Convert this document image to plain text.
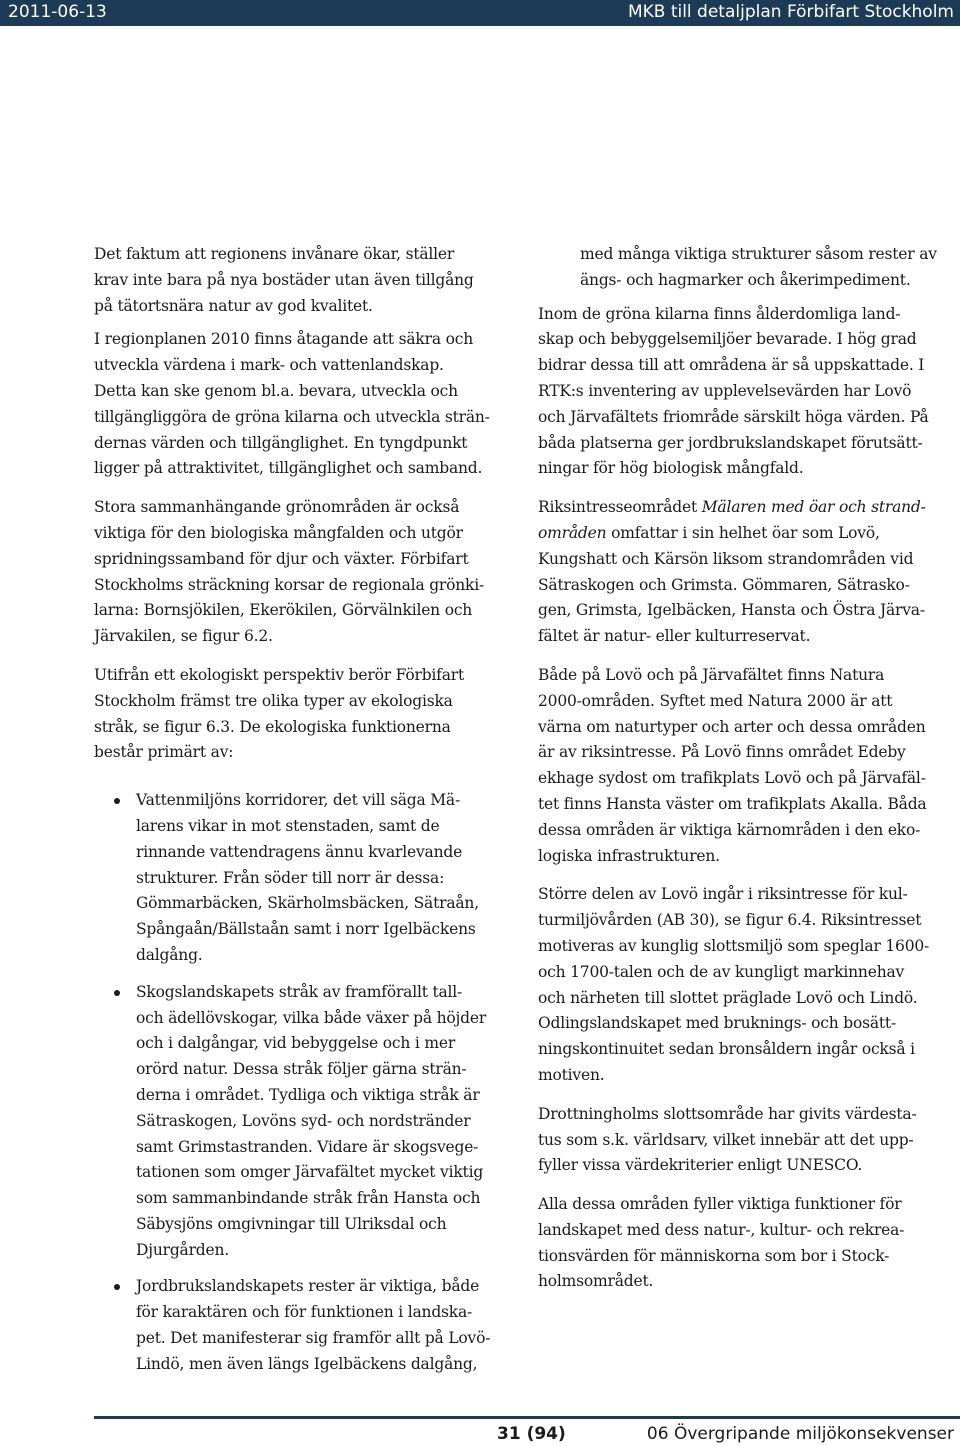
2011-06-13	MKB till detaljplan Förbifart Stockholm

Det faktum att regionens invånare ökar, ställer
krav inte bara på nya bostäder utan även tillgång
på tätortsnära natur av god kvalitet.

I regionplanen 2010 finns åtagande att säkra och
utveckla värdena i mark- och vattenlandskap.
Detta kan ske genom bl.a. bevara, utveckla och
tillgängliggöra de gröna kilarna och utveckla strän-
dernas värden och tillgänglighet. En tyngdpunkt
ligger på attraktivitet, tillgänglighet och samband.

Stora sammanhängande grönområden är också
viktiga för den biologiska mångfalden och utgör
spridningssamband för djur och växter. Förbifart
Stockholms sträckning korsar de regionala grönki-
larna: Bornsjökilen, Ekerökilen, Görvälnkilen och
Järvakilen, se figur 6.2.

Utifrån ett ekologiskt perspektiv berör Förbifart
Stockholm främst tre olika typer av ekologiska
stråk, se figur 6.3. De ekologiska funktionerna
består primärt av:

Vattenmiljöns korridorer, det vill säga Mä-
larens vikar in mot stenstaden, samt de
rinnande vattendragens ännu kvarlevande
strukturer. Från söder till norr är dessa:
Gömmarbäcken, Skärholmsbäcken, Sätraån,
Spångaån/Bällstaån samt i norr Igelbäckens
dalgång.
Skogslandskapets stråk av framförallt tall-
och ädellövskogar, vilka både växer på höjder
och i dalgångar, vid bebyggelse och i mer
orörd natur. Dessa stråk följer gärna strän-
derna i området. Tydliga och viktiga stråk är
Sätraskogen, Lovöns syd- och nordstränder
samt Grimstastranden. Vidare är skogsvege-
tationen som omger Järvafältet mycket viktig
som sammanbindande stråk från Hansta och
Säbysjöns omgivningar till Ulriksdal och
Djurgården.
Jordbrukslandskapets rester är viktiga, både
för karaktären och för funktionen i landska-
pet. Det manifesterar sig framför allt på Lovö-
Lindö, men även längs Igelbäckens dalgång,

med många viktiga strukturer såsom rester av
ängs- och hagmarker och åkerimpediment.

Inom de gröna kilarna finns ålderdomliga land-
skap och bebyggelsemiljöer bevarade. I hög grad
bidrar dessa till att områdena är så uppskattade. I
RTK:s inventering av upplevelsevärden har Lovö
och Järvafältets friområde särskilt höga värden. På
båda platserna ger jordbrukslandskapet förutsätt-
ningar för hög biologisk mångfald.

Riksintresseområdet Mälaren med öar och strand-
områden omfattar i sin helhet öar som Lovö,
Kungshatt och Kärsön liksom strandområden vid
Sätraskogen och Grimsta. Gömmaren, Sätrasko-
gen, Grimsta, Igelbäcken, Hansta och Östra Järva-
fältet är natur- eller kulturreservat.

Både på Lovö och på Järvafältet finns Natura
2000-områden. Syftet med Natura 2000 är att
värna om naturtyper och arter och dessa områden
är av riksintresse. På Lovö finns området Edeby
ekhage sydost om trafikplats Lovö och på Järvafäl-
tet finns Hansta väster om trafikplats Akalla. Båda
dessa områden är viktiga kärnområden i den eko-
logiska infrastrukturen.

Större delen av Lovö ingår i riksintresse för kul-
turmiljövården (AB 30), se figur 6.4. Riksintresset
motiveras av kunglig slottsmiljö som speglar 1600-
och 1700-talen och de av kungligt markinnehav
och närheten till slottet präglade Lovö och Lindö.
Odlingslandskapet med bruknings- och bosätt-
ningskontinuitet sedan bronsåldern ingår också i
motiven.

Drottningholms slottsområde har givits värdesta-
tus som s.k. världsarv, vilket innebär att det upp-
fyller vissa värdekriterier enligt UNESCO.

Alla dessa områden fyller viktiga funktioner för
landskapet med dess natur-, kultur- och rekrea-
tionsvärden för människorna som bor i Stock-
holmsområdet.

31 (94)	06 Övergripande miljökonsekvenser
